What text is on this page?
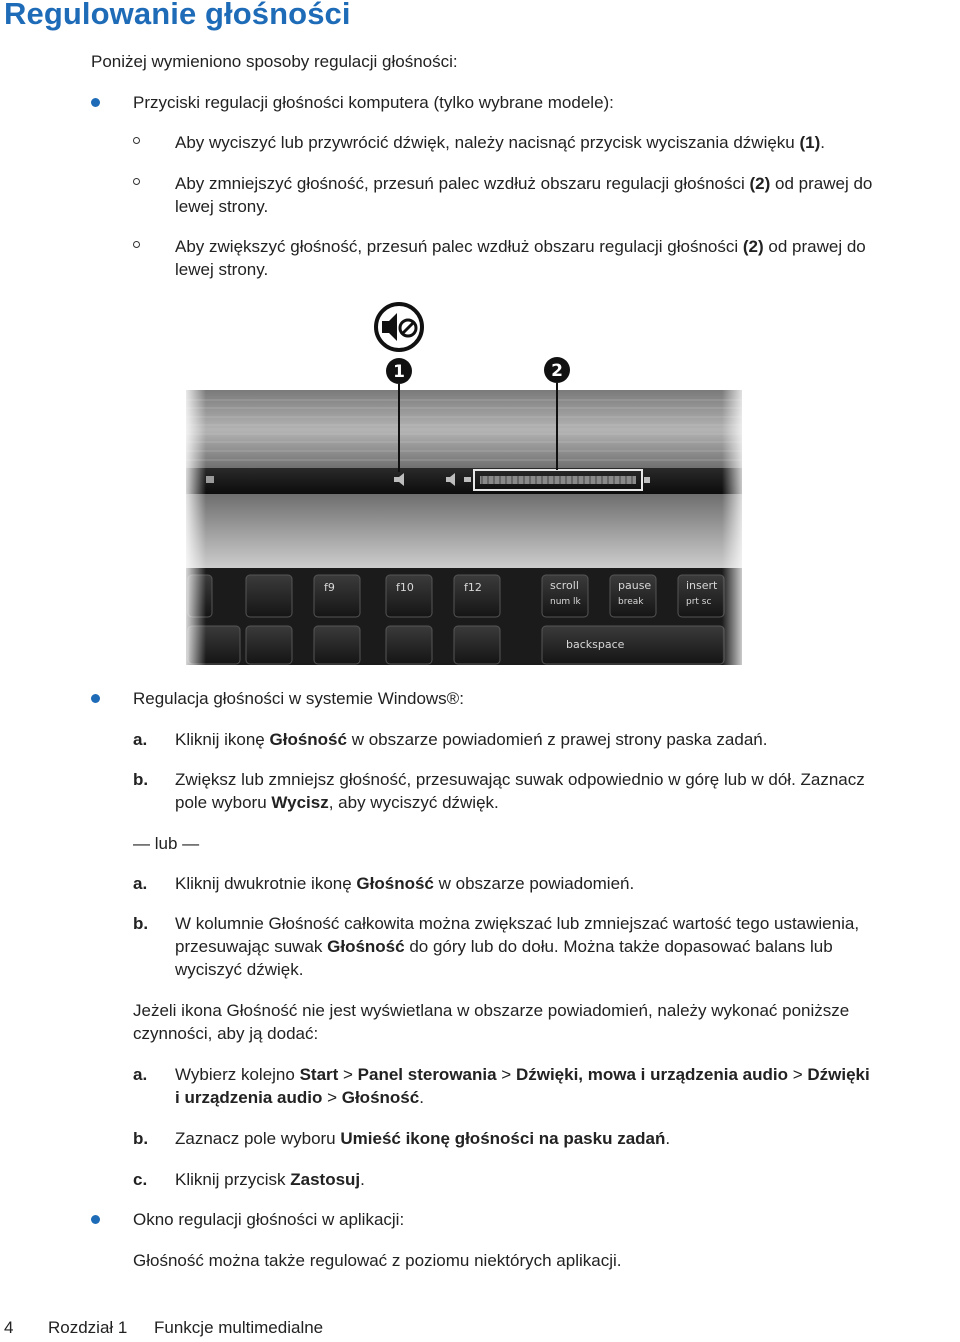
Regulowanie głośności
Poniżej wymieniono sposoby regulacji głośności:
Przyciski regulacji głośności komputera (tylko wybrane modele):
Aby wyciszyć lub przywrócić dźwięk, należy nacisnąć przycisk wyciszania dźwięku (1).
Aby zmniejszyć głośność, przesuń palec wzdłuż obszaru regulacji głośności (2) od prawej do
lewej strony.
Aby zwiększyć głośność, przesuń palec wzdłuż obszaru regulacji głośności (2) od prawej do
lewej strony.
f9	f10	f12	scroll
num lk
pause
break
insert
prt sc
backspace
1	2
Regulacja głośności w systemie Windows®:
a. Kliknij ikonę Głośność w obszarze powiadomień z prawej strony paska zadań.
b. Zwiększ lub zmniejsz głośność, przesuwając suwak odpowiednio w górę lub w dół. Zaznacz
pole wyboru Wycisz, aby wyciszyć dźwięk.
— lub —
a. Kliknij dwukrotnie ikonę Głośność w obszarze powiadomień.
b. W kolumnie Głośność całkowita można zwiększać lub zmniejszać wartość tego ustawienia,
przesuwając suwak Głośność do góry lub do dołu. Można także dopasować balans lub
wyciszyć dźwięk.
Jeżeli ikona Głośność nie jest wyświetlana w obszarze powiadomień, należy wykonać poniższe
czynności, aby ją dodać:
a. Wybierz kolejno Start > Panel sterowania > Dźwięki, mowa i urządzenia audio > Dźwięki
i urządzenia audio > Głośność.
b. Zaznacz pole wyboru Umieść ikonę głośności na pasku zadań.
c. Kliknij przycisk Zastosuj.
Okno regulacji głośności w aplikacji:
Głośność można także regulować z poziomu niektórych aplikacji.
4 Rozdział 1 Funkcje multimedialne
